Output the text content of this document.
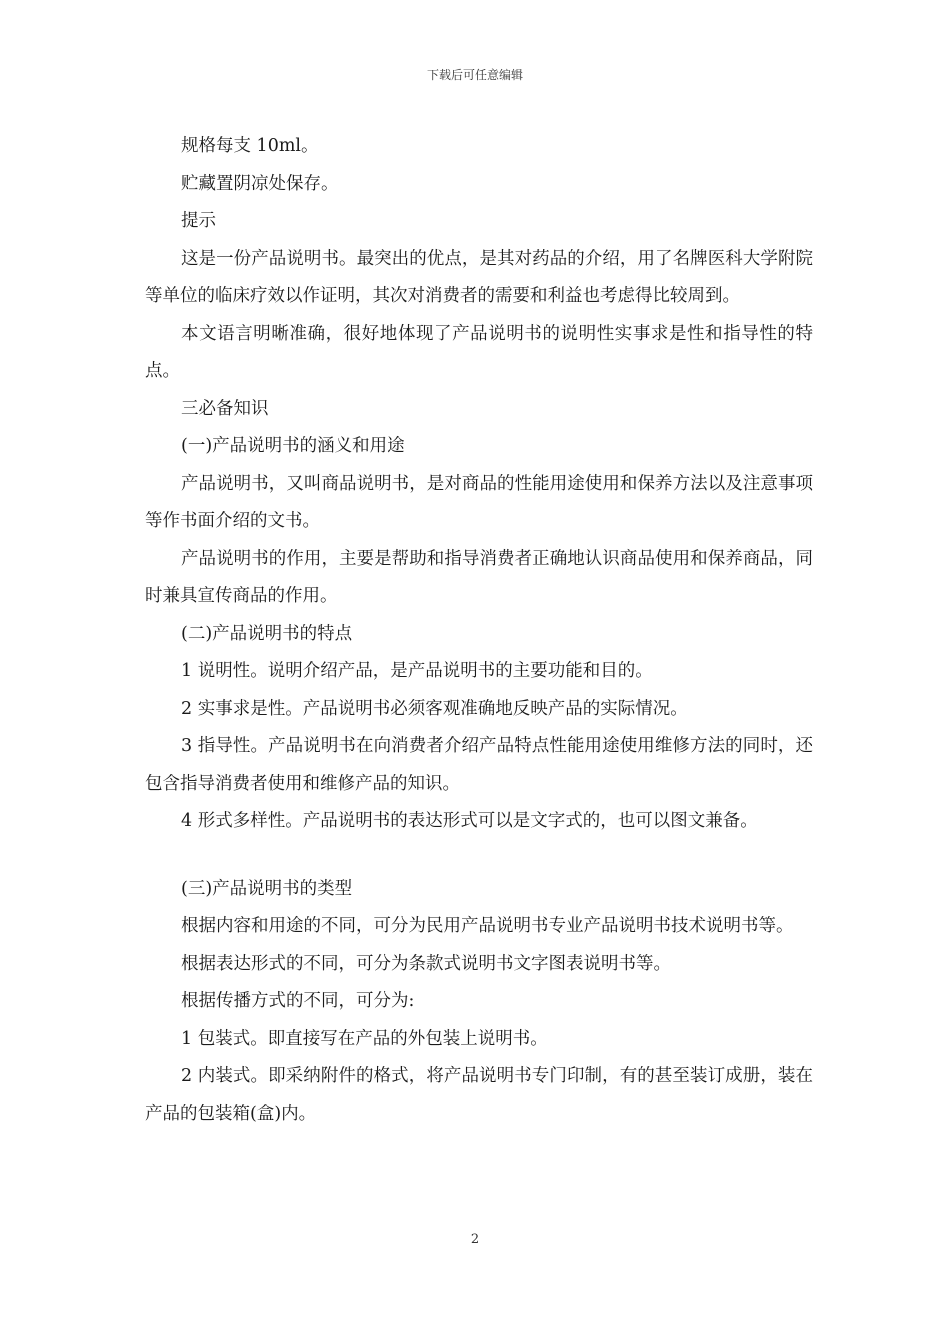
下载后可任意编辑

规格每支 10ml。

贮藏置阴凉处保存。

提示

这是一份产品说明书。最突出的优点，是其对药品的介绍，用了名牌医科大学附院等单位的临床疗效以作证明，其次对消费者的需要和利益也考虑得比较周到。

本文语言明晰准确，很好地体现了产品说明书的说明性实事求是性和指导性的特点。

三必备知识

(一)产品说明书的涵义和用途

产品说明书，又叫商品说明书，是对商品的性能用途使用和保养方法以及注意事项等作书面介绍的文书。

产品说明书的作用，主要是帮助和指导消费者正确地认识商品使用和保养商品，同时兼具宣传商品的作用。

(二)产品说明书的特点

1 说明性。说明介绍产品，是产品说明书的主要功能和目的。

2 实事求是性。产品说明书必须客观准确地反映产品的实际情况。

3 指导性。产品说明书在向消费者介绍产品特点性能用途使用维修方法的同时，还包含指导消费者使用和维修产品的知识。

4 形式多样性。产品说明书的表达形式可以是文字式的，也可以图文兼备。

(三)产品说明书的类型

根据内容和用途的不同，可分为民用产品说明书专业产品说明书技术说明书等。

根据表达形式的不同，可分为条款式说明书文字图表说明书等。

根据传播方式的不同，可分为:

1 包装式。即直接写在产品的外包装上说明书。

2 内装式。即采纳附件的格式，将产品说明书专门印制，有的甚至装订成册，装在产品的包装箱(盒)内。

2
